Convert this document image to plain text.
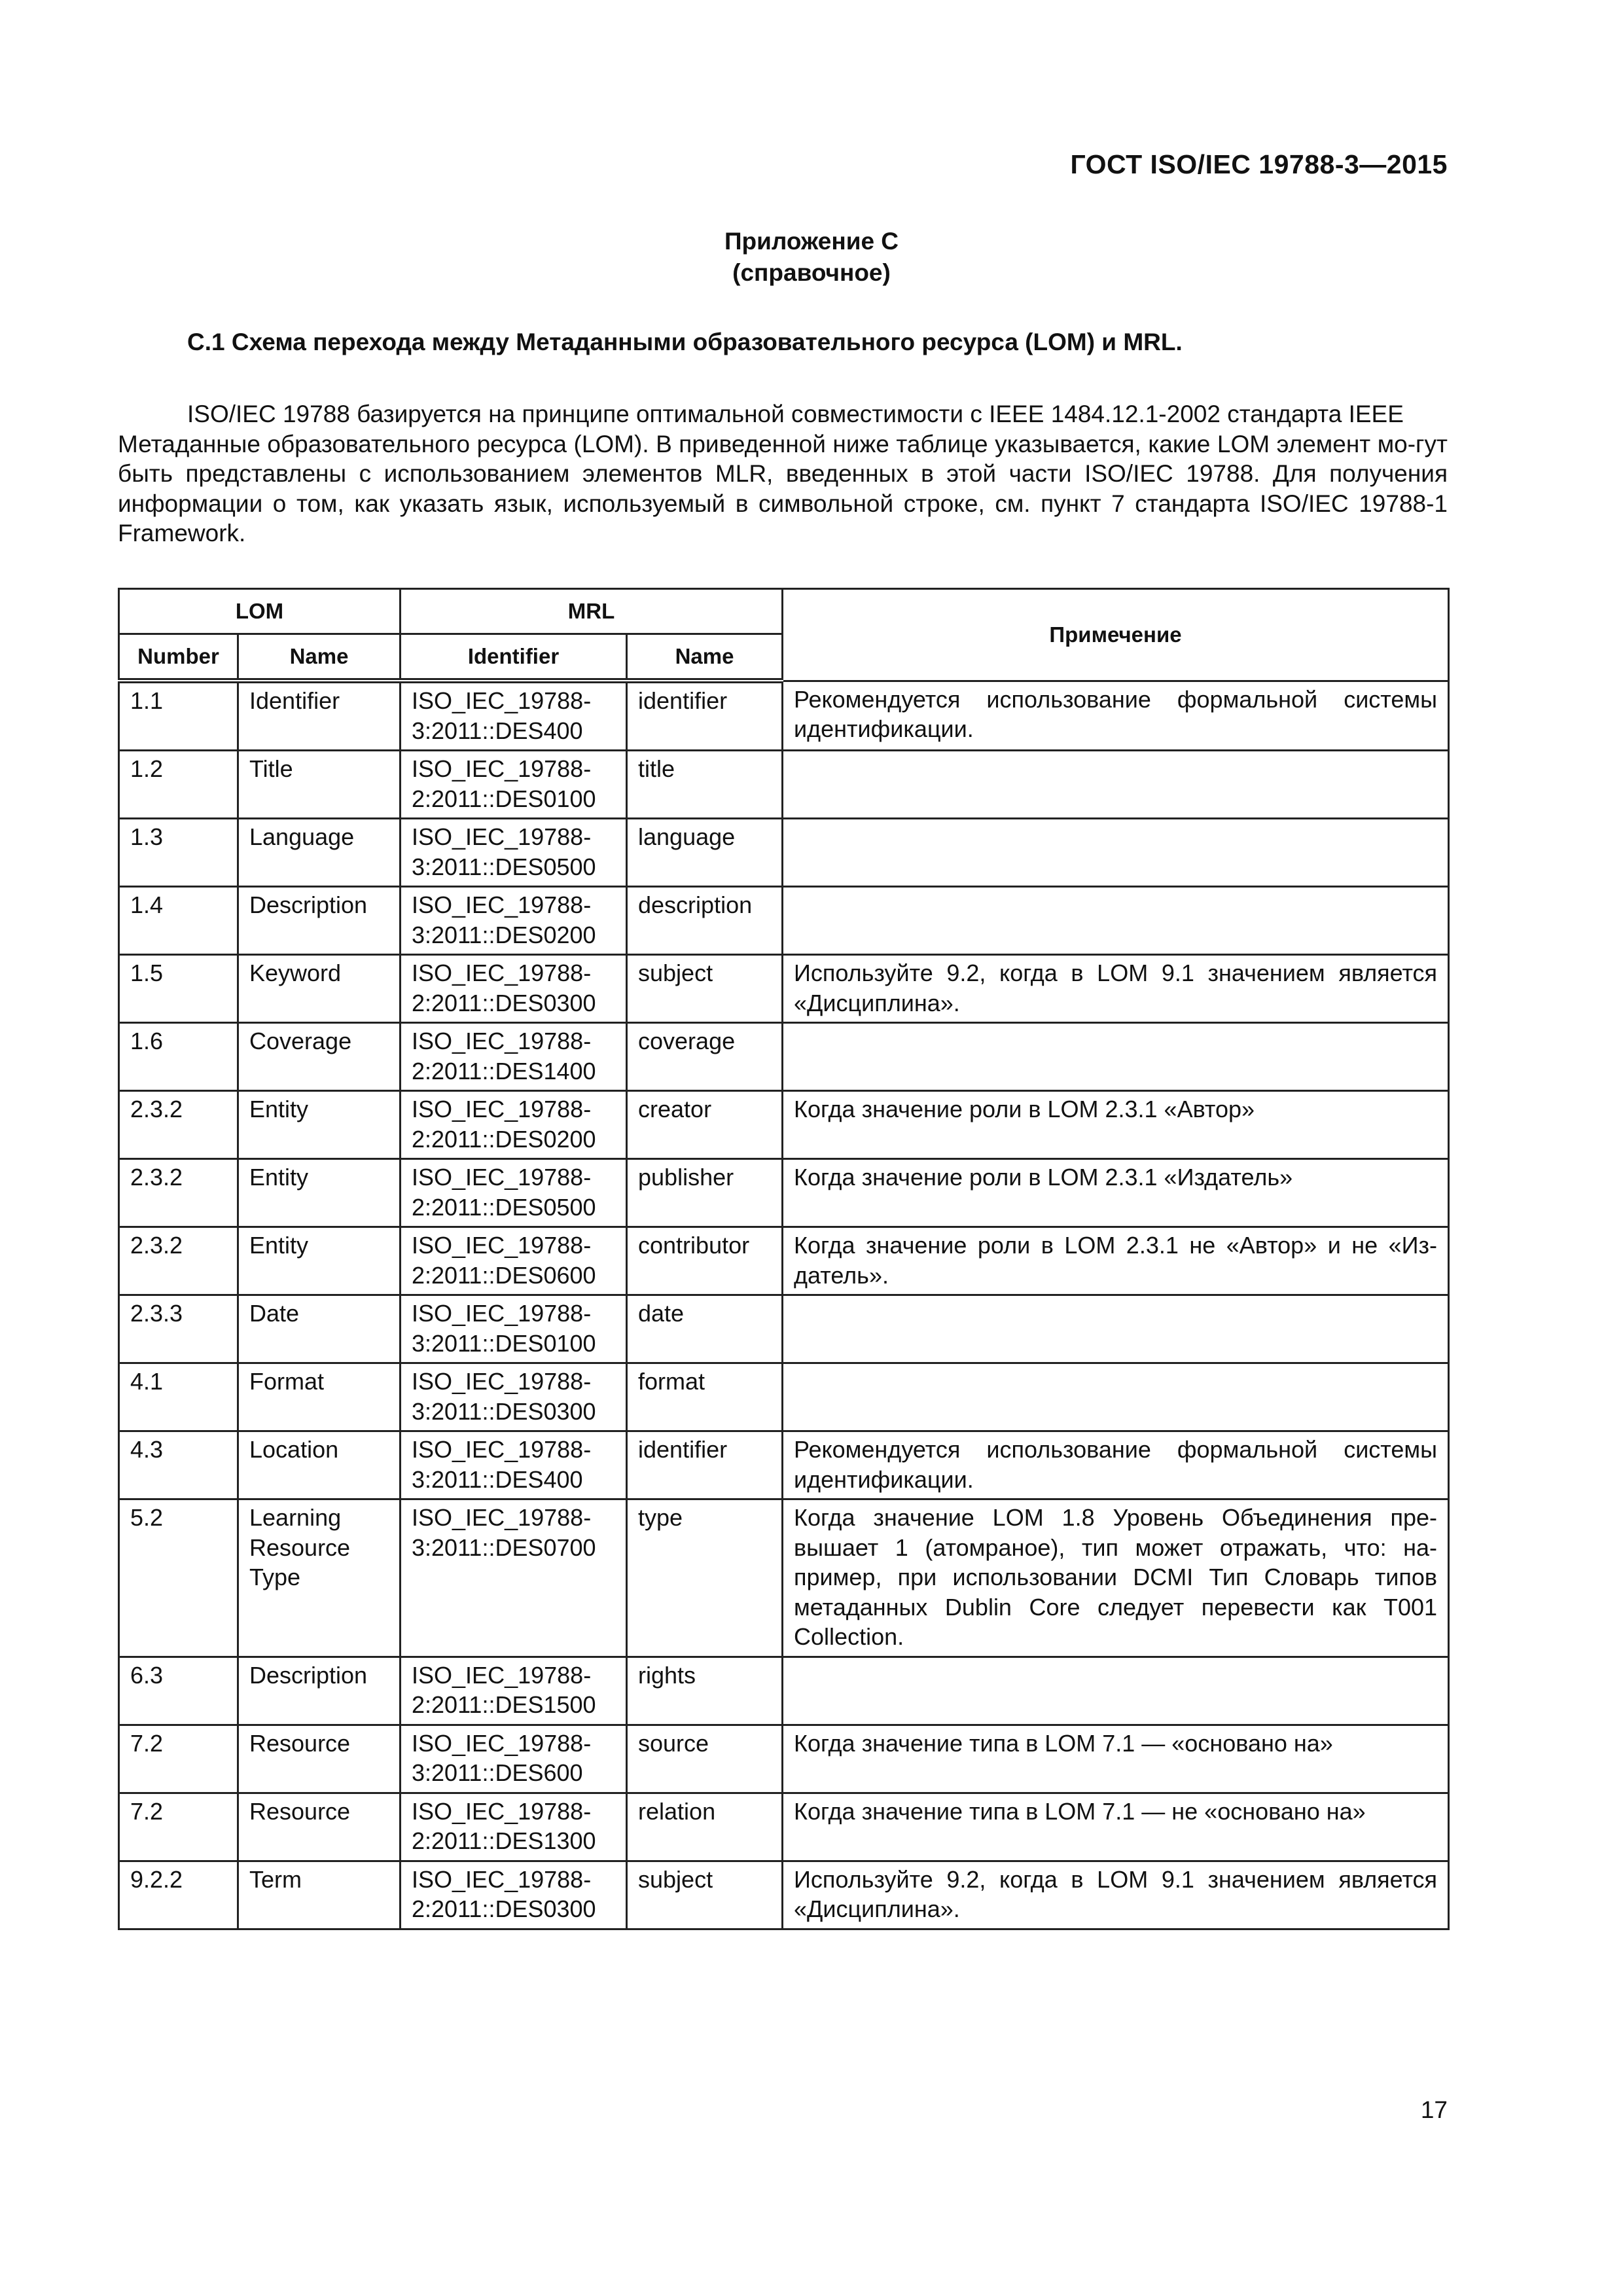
ГОСТ ISO/IEC 19788-3—2015
Приложение С
(справочное)
С.1 Схема перехода между Метаданными образовательного ресурса (LOM) и MRL.

ISO/IEC 19788 базируется на принципе оптимальной совместимости с IEEE 1484.12.1-2002 стандарта IEEE

Метаданные образовательного ресурса (LOM). В приведенной ниже таблице указывается, какие LOM элемент мо-гут быть представлены с использованием элементов MLR, введенных в этой части ISO/IEC 19788. Для получения информации о том, как указать язык, используемый в символьной строке, см. пункт 7 стандарта ISO/IEC 19788-1 Framework.

LOM		MRL		Примечение
Number	Name	Identifier	Name	
1.1	Identifier	ISO_IEC_19788-3:2011::DES400	identifier	Рекомендуется использование формальной системы идентификации.
1.2	Title	ISO_IEC_19788-2:2011::DES0100	title	
1.3	Language	ISO_IEC_19788-3:2011::DES0500	language	
1.4	Description	ISO_IEC_19788-3:2011::DES0200	description	
1.5	Keyword	ISO_IEC_19788-2:2011::DES0300	subject	Используйте 9.2, когда в LOM 9.1 значением является «Дисциплина».
1.6	Coverage	ISO_IEC_19788-2:2011::DES1400	coverage	
2.3.2	Entity	ISO_IEC_19788-2:2011::DES0200	creator	Когда значение роли в LOM 2.3.1 «Автор»
2.3.2	Entity	ISO_IEC_19788-2:2011::DES0500	publisher	Когда значение роли в LOM 2.3.1 «Издатель»
2.3.2	Entity	ISO_IEC_19788-2:2011::DES0600	contributor	Когда значение роли в LOM 2.3.1 не «Автор» и не «Из-датель».
2.3.3	Date	ISO_IEC_19788-3:2011::DES0100	date	
4.1	Format	ISO_IEC_19788-3:2011::DES0300	format	
4.3	Location	ISO_IEC_19788-3:2011::DES400	identifier	Рекомендуется использование формальной системы идентификации.
5.2	Learning Resource Type	ISO_IEC_19788-3:2011::DES0700	type	Когда значение LOM 1.8 Уровень Объединения пре-вышает 1 (атомраное), тип может отражать, что: на-пример, при использовании DCMI Тип Словарь типов метаданных Dublin Core следует перевести как T001 Collection.
6.3	Description	ISO_IEC_19788-2:2011::DES1500	rights	
7.2	Resource	ISO_IEC_19788-3:2011::DES600	source	Когда значение типа в LOM 7.1 — «основано на»
7.2	Resource	ISO_IEC_19788-2:2011::DES1300	relation	Когда значение типа в LOM 7.1 — не «основано на»
9.2.2	Term	ISO_IEC_19788-2:2011::DES0300	subject	Используйте 9.2, когда в LOM 9.1 значением является «Дисциплина».
17
